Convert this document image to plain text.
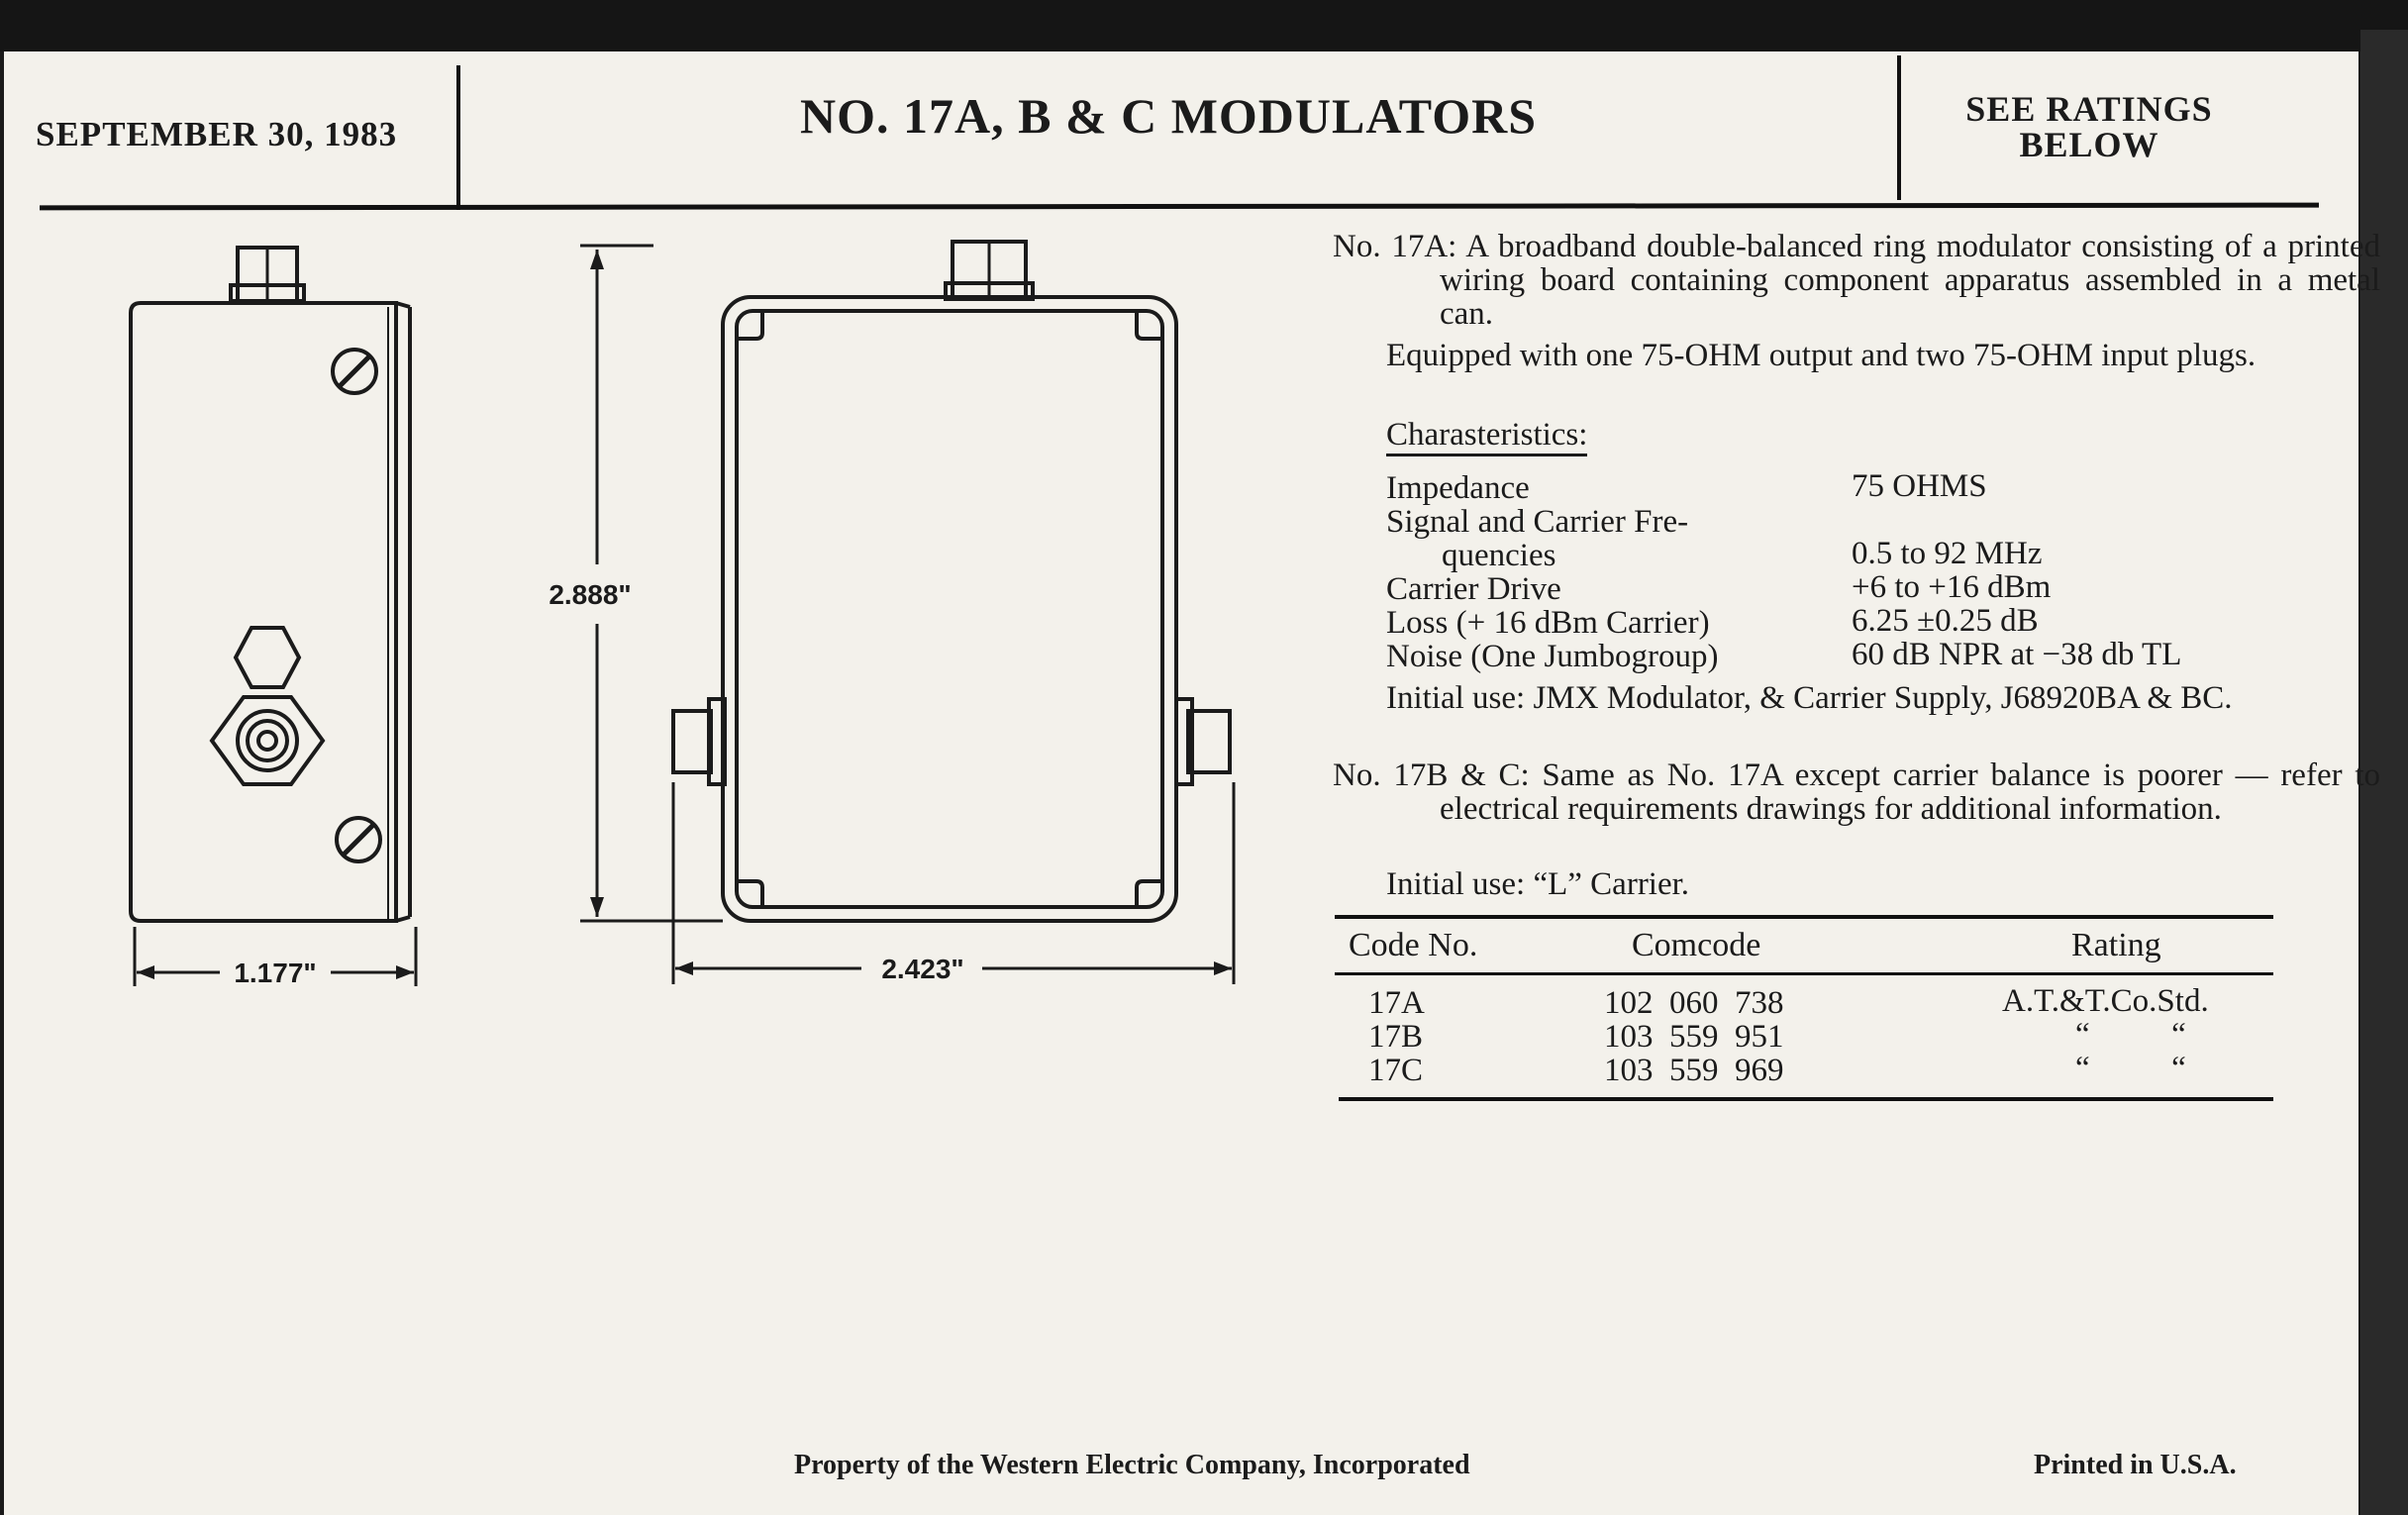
SEPTEMBER 30, 1983	NO. 17A, B & C MODULATORS	SEE RATINGS
BELOW
1.177"
2.888"
2.423"
No. 17A: A broadband double-balanced ring modulator consisting of a printed wiring board containing component apparatus assembled in a metal can.
Equipped with one 75-OHM output and two 75-OHM input plugs.
Charasteristics:
Impedance	75 OHMS
Signal and Carrier Fre-
quencies	0.5 to 92 MHz
Carrier Drive	+6 to +16 dBm
Loss (+ 16 dBm Carrier)	6.25 ±0.25 dB
Noise (One Jumbogroup)	60 dB NPR at −38 db TL
Initial use: JMX Modulator, & Carrier Supply, J68920BA & BC.
No. 17B & C: Same as No. 17A except carrier balance is poorer — refer to electrical requirements drawings for additional information.
Initial use: “L” Carrier.
Code No.	Comcode	Rating
17A	102  060  738	A.T.&T.Co.Std.
17B	103  559  951	“          “
17C	103  559  969	“          “
Property of the Western Electric Company, Incorporated	Printed in U.S.A.
